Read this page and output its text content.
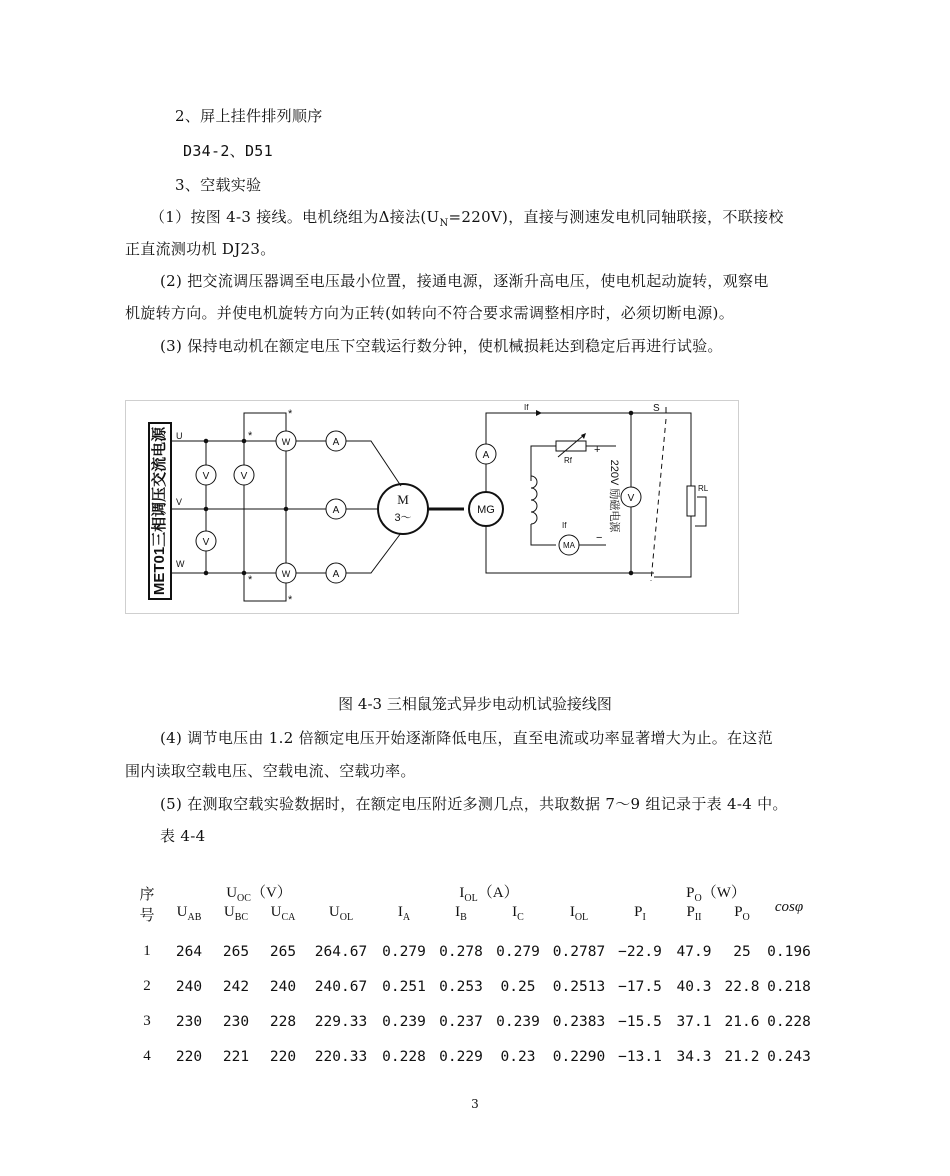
2、屏上挂件排列顺序
D34-2、D51
3、空载实验
（1）按图 4-3 接线。电机绕组为Δ接法$(U_N=220V)$，直接与测速发电机同轴联接，不联接校
正直流测功机 DJ23。
(2) 把交流调压器调至电压最小位置，接通电源，逐渐升高电压，使电机起动旋转，观察电
机旋转方向。并使电机旋转方向为正转(如转向不符合要求需调整相序时，必须切断电源)。
(3) 保持电动机在额定电压下空载运行数分钟，使机械损耗达到稳定后再进行试验。
MET01三相调压交流电源 U
V
W
V
V
V
*
*
*
*
W
W
A
A
A
M
3～
MG
If
A	Rf
MA
If
+
−
220V 励磁电源 V
S
RL
图 4-3 三相鼠笼式异步电动机试验接线图
(4) 调节电压由 1.2 倍额定电压开始逐渐降低电压，直至电流或功率显著增大为止。在这范
围内读取空载电压、空载电流、空载功率。
(5) 在测取空载实验数据时，在额定电压附近多测几点，共取数据 7～9 组记录于表 4-4 中。
表 4-4
序		$U_{OC}(V)$				$I_{OL}(A)$				$P_O(W)$		cosφ
号	$U_{AB}$	$U_{BC}$	$U_{CA}$	$U_{OL}$	$I_A$	$I_B$	$I_C$	$I_{OL}$	$P_I$	$P_{II}$	$P_O$
1	264	265	265	264.67	0.279	0.278	0.279	0.2787	−22.9	47.9	25	0.196
2	240	242	240	240.67	0.251	0.253	0.25	0.2513	−17.5	40.3	22.8	0.218
3	230	230	228	229.33	0.239	0.237	0.239	0.2383	−15.5	37.1	21.6	0.228
4	220	221	220	220.33	0.228	0.229	0.23	0.2290	−13.1	34.3	21.2	0.243
3
